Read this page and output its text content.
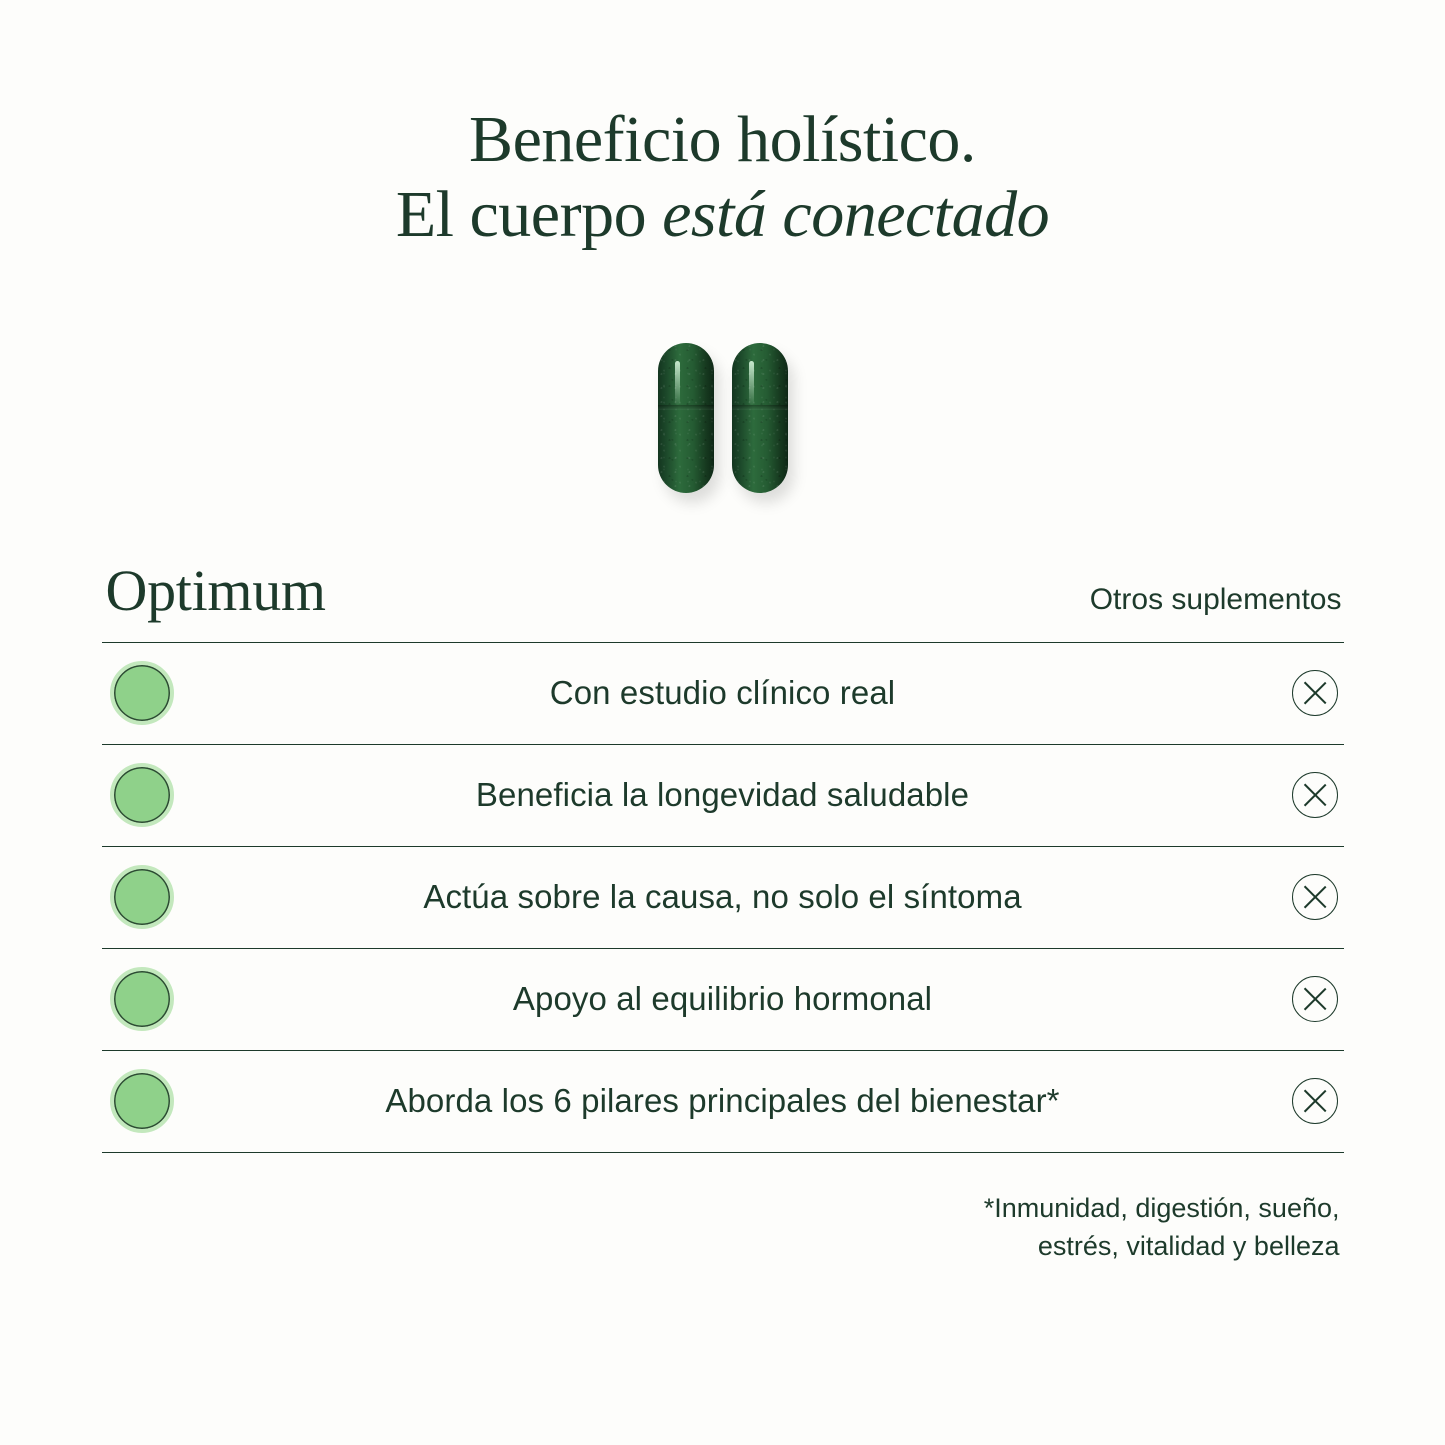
Beneficio holístico.
El cuerpo está conectado
Optimum	Otros suplementos
Con estudio clínico real
Beneficia la longevidad saludable
Actúa sobre la causa, no solo el síntoma
Apoyo al equilibrio hormonal
Aborda los 6 pilares principales del bienestar*
*Inmunidad, digestión, sueño,
estrés, vitalidad y belleza
